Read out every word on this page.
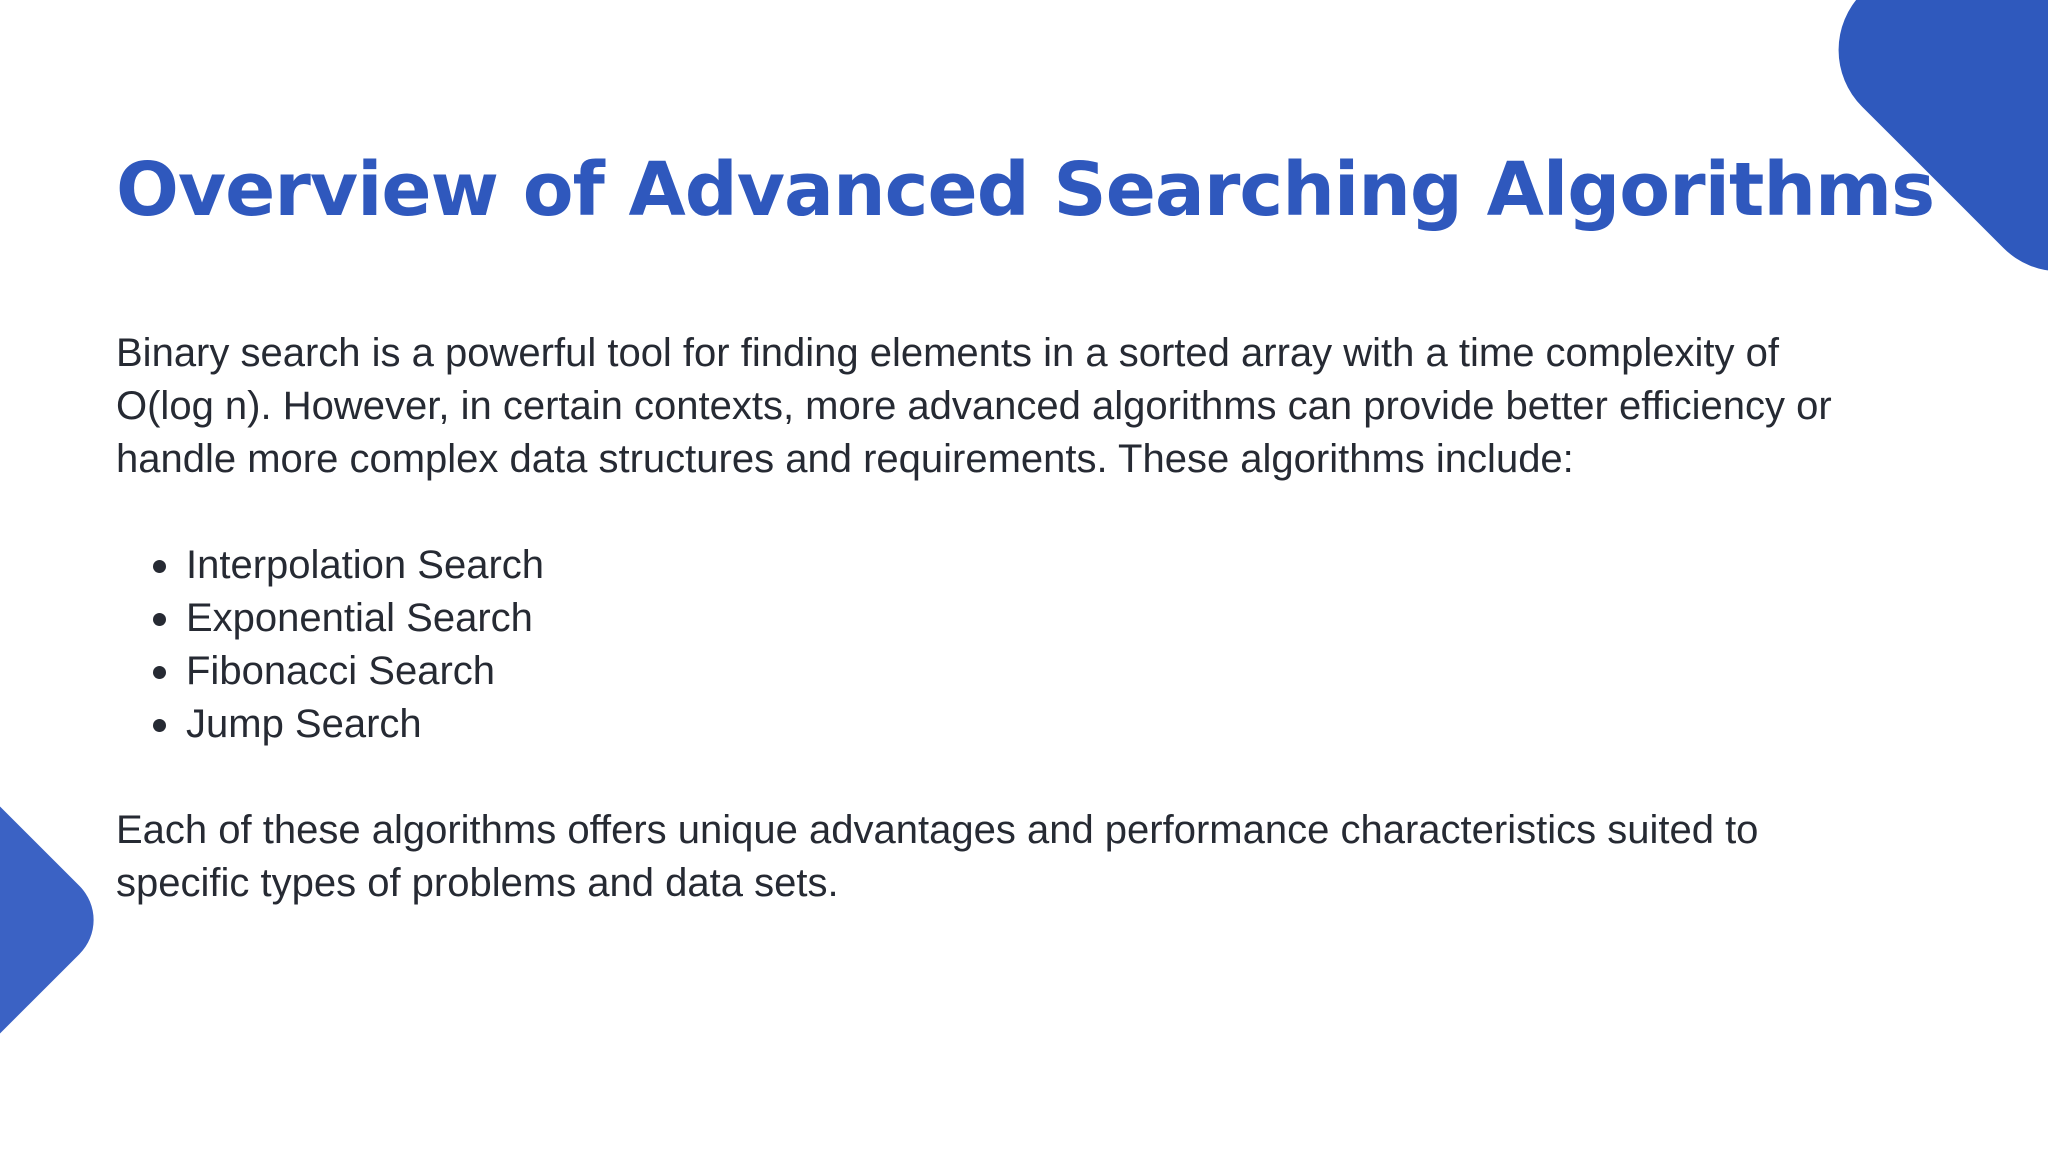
Overview of Advanced Searching Algorithms

Binary search is a powerful tool for finding elements in a sorted array with a time complexity of O(log n). However, in certain contexts, more advanced algorithms can provide better efficiency or handle more complex data structures and requirements. These algorithms include:

Interpolation Search
Exponential Search
Fibonacci Search
Jump Search

Each of these algorithms offers unique advantages and performance characteristics suited to specific types of problems and data sets.
